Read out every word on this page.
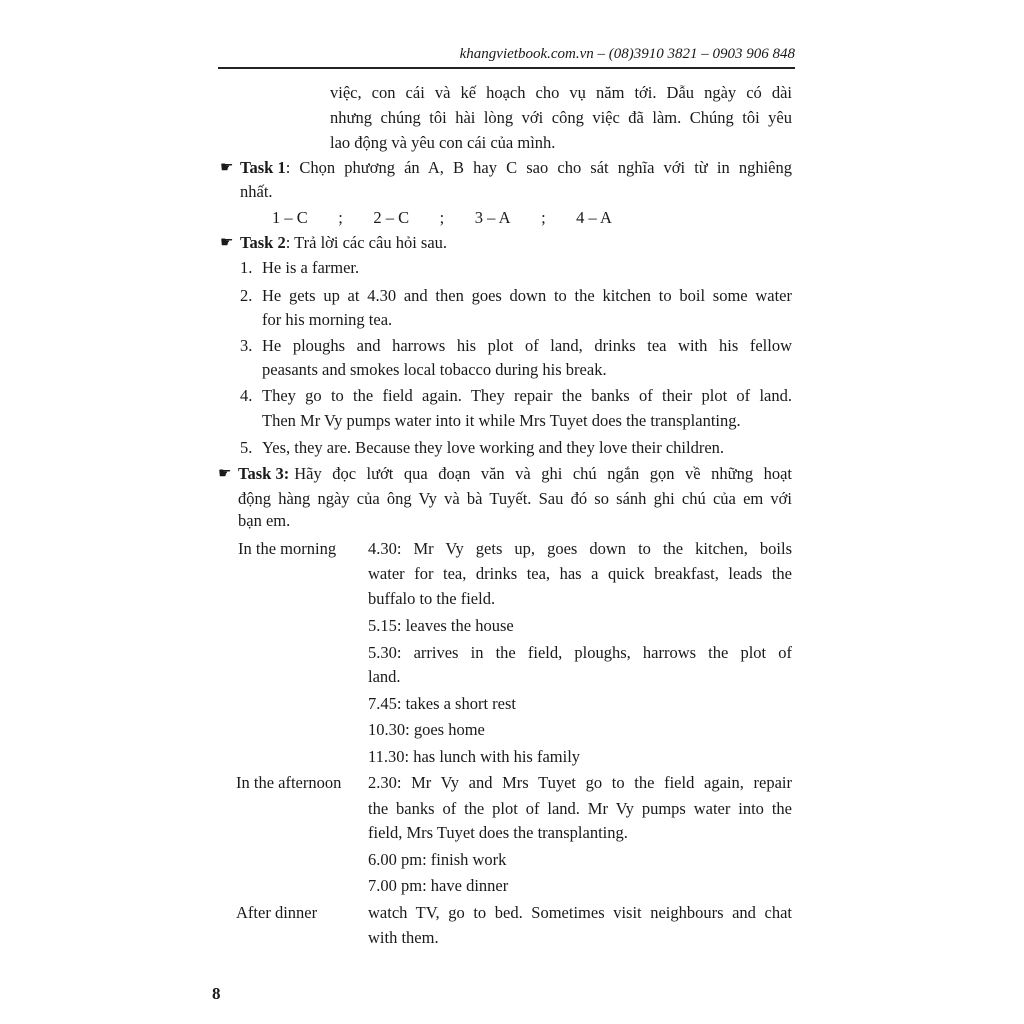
khangvietbook.com.vn – (08)3910 3821 – 0903 906 848
việc, con cái và kế hoạch cho vụ năm tới. Dẫu ngày có dài
nhưng chúng tôi hài lòng với công việc đã làm. Chúng tôi yêu
lao động và yêu con cái của mình.
☛ Task 1 : Chọn phương án A, B hay C sao cho sát nghĩa với từ in nghiêng
nhất.
1 – C ; 2 – C ; 3 – A ; 4 – A
☛ Task 2: Trả lời các câu hỏi sau.
1. He is a farmer.
2. He gets up at 4.30 and then goes down to the kitchen to boil some water
for his morning tea.
3. He ploughs and harrows his plot of land, drinks tea with his fellow
peasants and smokes local tobacco during his break.
4. They go to the field again. They repair the banks of their plot of land.
Then Mr Vy pumps water into it while Mrs Tuyet does the transplanting.
5. Yes, they are. Because they love working and they love their children.
☛ Task 3: Hãy đọc lướt qua đoạn văn và ghi chú ngắn gọn về những hoạt
động hàng ngày của ông Vy và bà Tuyết. Sau đó so sánh ghi chú của em với
bạn em.
In the morning 4.30: Mr Vy gets up, goes down to the kitchen, boils
water for tea, drinks tea, has a quick breakfast, leads the
buffalo to the field.
5.15: leaves the house
5.30: arrives in the field, ploughs, harrows the plot of
land.
7.45: takes a short rest
10.30: goes home
11.30: has lunch with his family
In the afternoon 2.30: Mr Vy and Mrs Tuyet go to the field again, repair
the banks of the plot of land. Mr Vy pumps water into the
field, Mrs Tuyet does the transplanting.
6.00 pm: finish work
7.00 pm: have dinner
After dinner	watch TV, go to bed. Sometimes visit neighbours and chat
with them.
8
